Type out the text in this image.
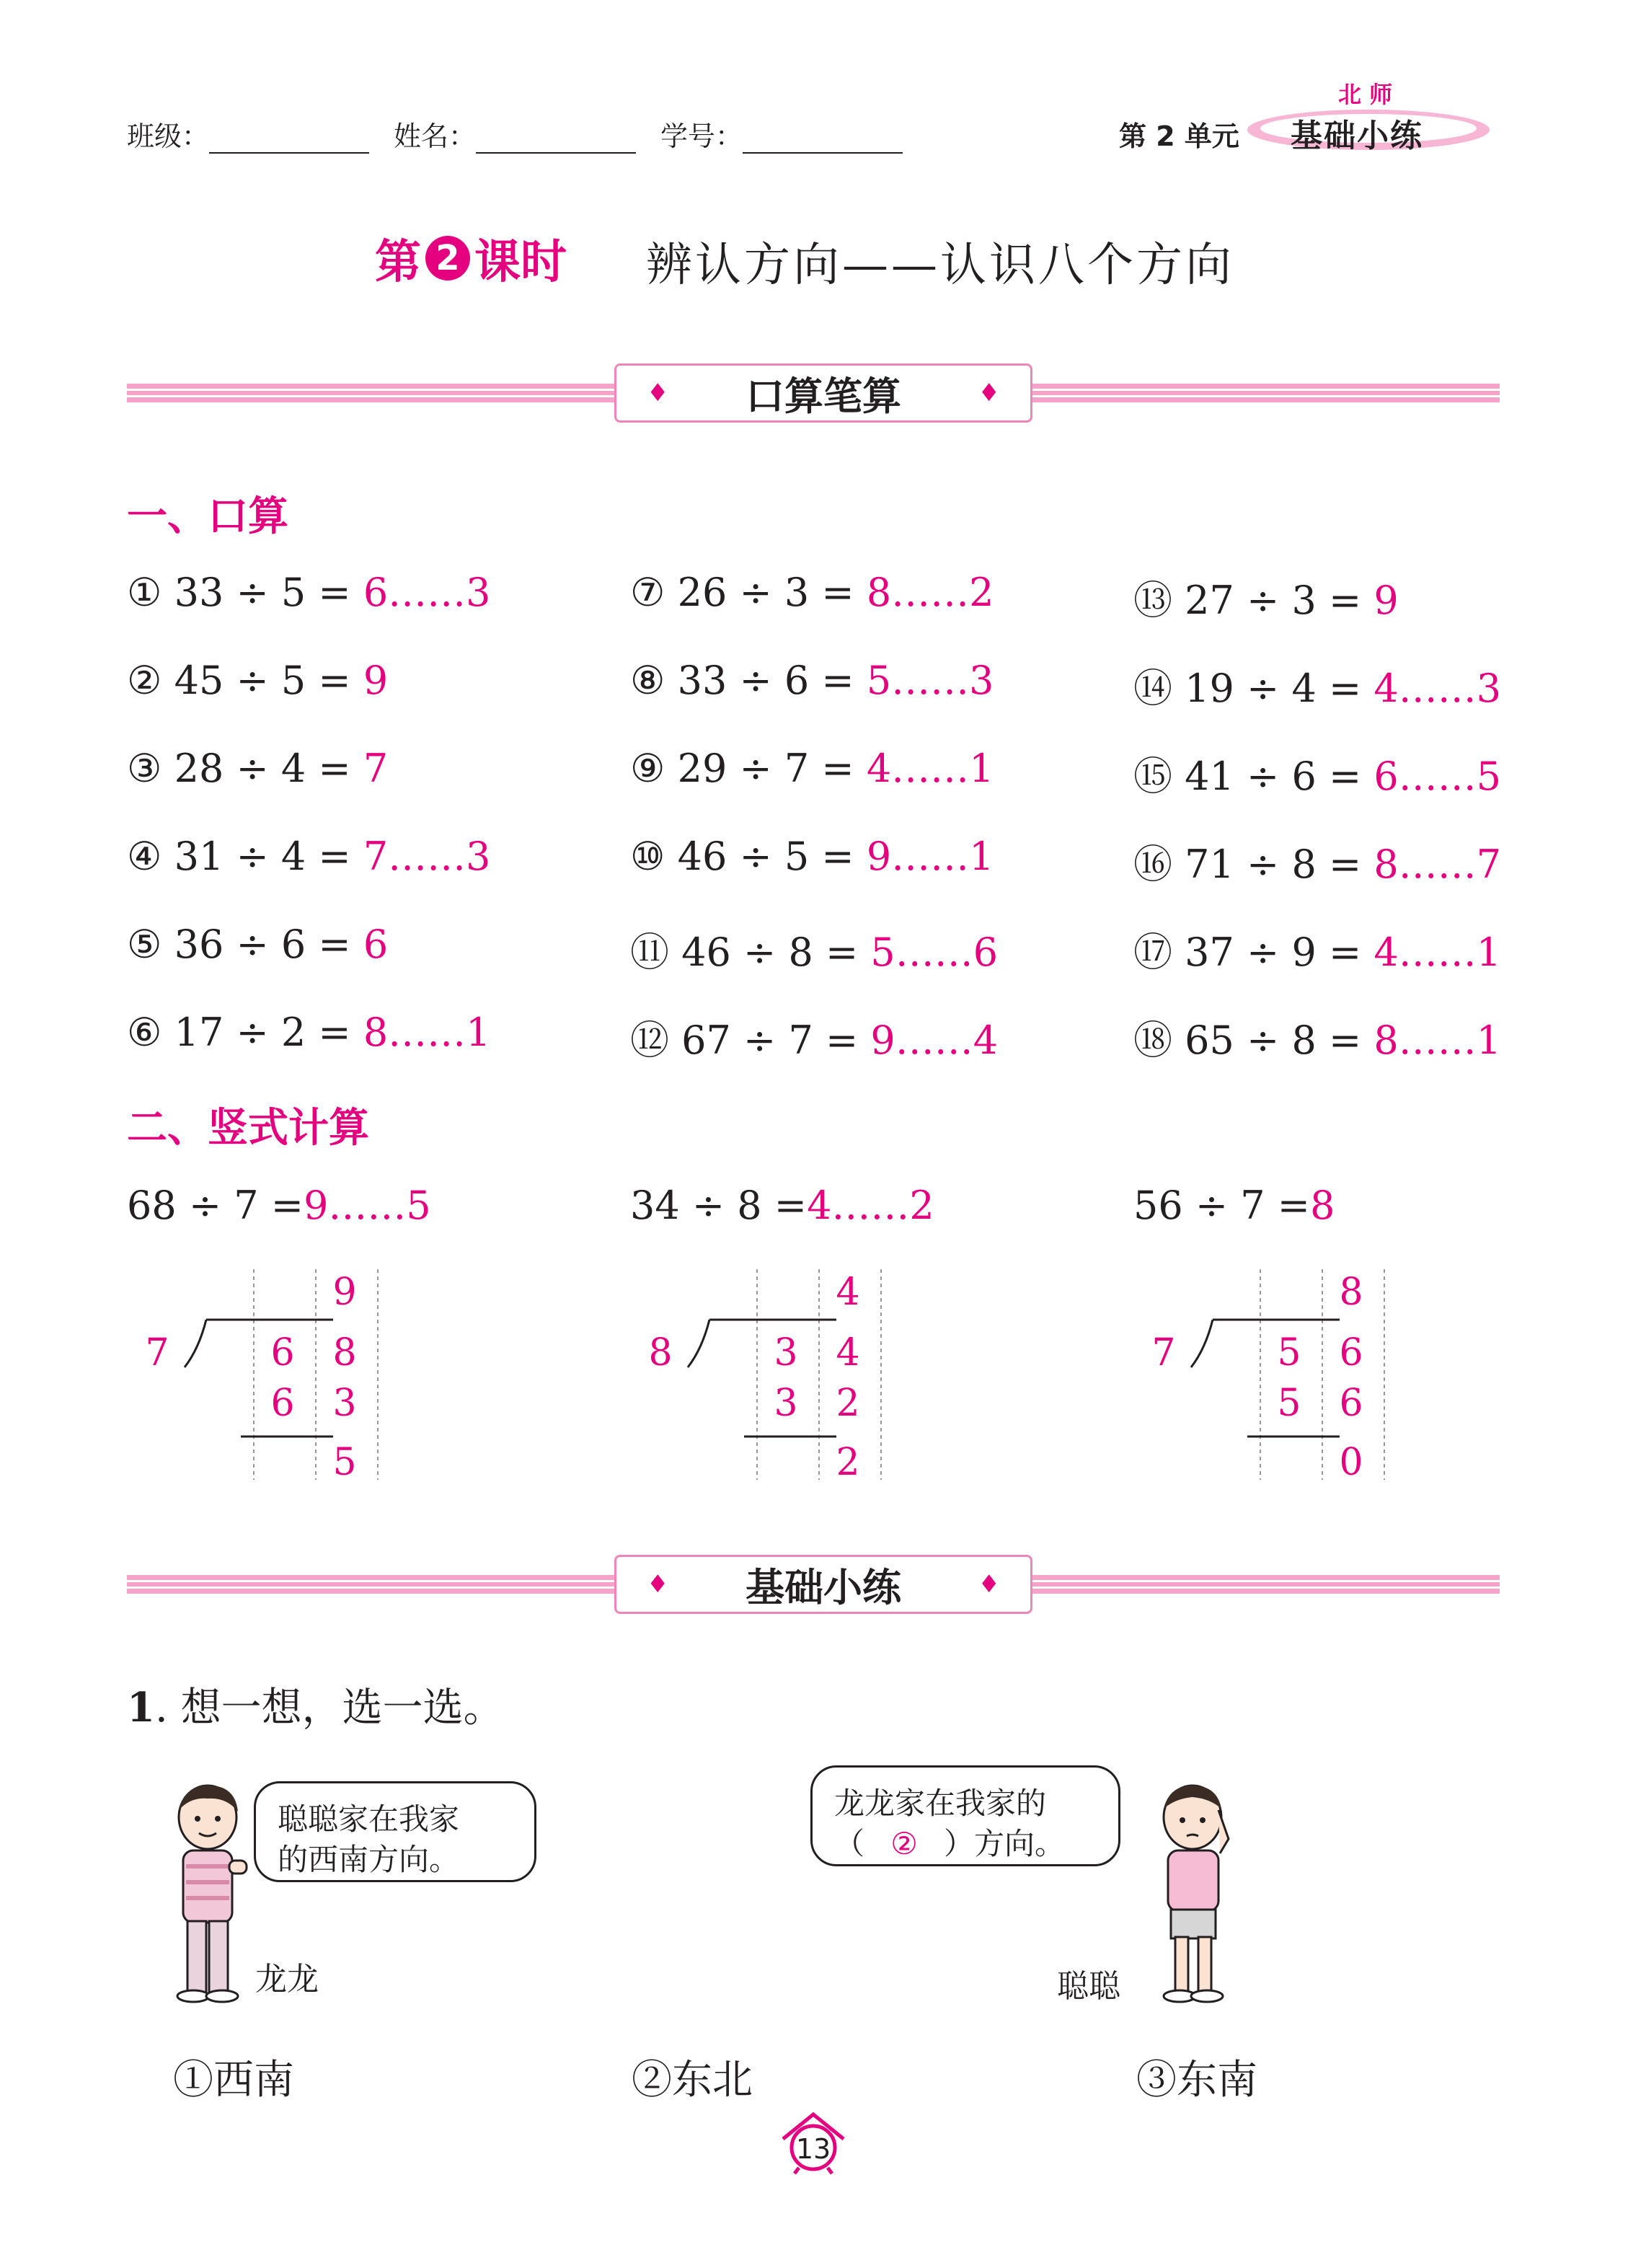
班级：	姓名：	学号：	第 2 单元
北 师
基础小练
第 2 课时 辨认方向——认识八个方向
♦ 口算笔算	♦
一、口算
① 33 ÷ 5 = 6……3
② 45 ÷ 5 = 9
③ 28 ÷ 4 = 7
④ 31 ÷ 4 = 7……3
⑤ 36 ÷ 6 = 6
⑥ 17 ÷ 2 = 8……1
⑦ 26 ÷ 3 = 8……2
⑧ 33 ÷ 6 = 5……3
⑨ 29 ÷ 7 = 4……1
⑩ 46 ÷ 5 = 9……1
⑪ 46 ÷ 8 = 5……6
⑫ 67 ÷ 7 = 9……4
⑬ 27 ÷ 3 = 9
⑭ 19 ÷ 4 = 4……3
⑮ 41 ÷ 6 = 6……5
⑯ 71 ÷ 8 = 8……7
⑰ 37 ÷ 9 = 4……1
⑱ 65 ÷ 8 = 8……1
二、竖式计算
68 ÷ 7 =9……5
9
7	6 8
6 3
5
34 ÷ 8 =4……2
4
8	3 4
3 2
2
56 ÷ 7 =8
8
7	5 6
5 6
0
♦ 基础小练	♦
1. 想一想，选一选。
聪聪家在我家
的西南方向。
龙龙
龙龙家在我家的
（ ② ）方向。
聪聪
①西南	②东北	③东南
13
